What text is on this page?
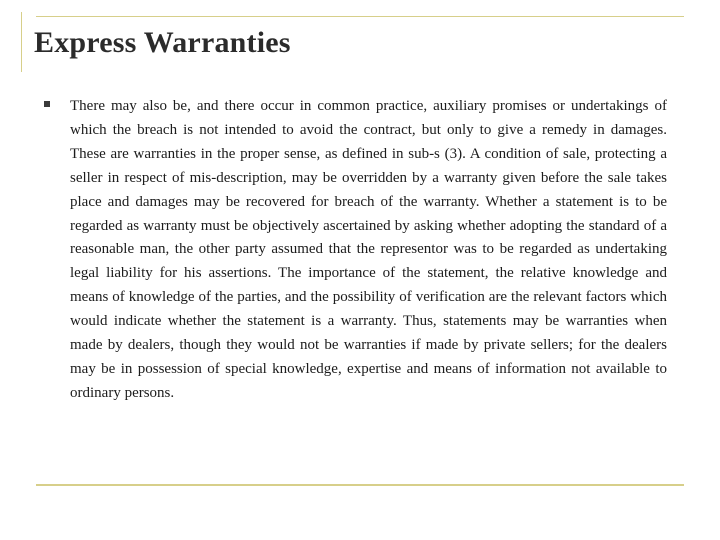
Express Warranties

There may also be, and there occur in common practice, auxiliary promises or undertakings of which the breach is not intended to avoid the contract, but only to give a remedy in damages. These are warranties in the proper sense, as defined in sub-s (3). A condition of sale, protecting a seller in respect of mis-description, may be overridden by a warranty given before the sale takes place and damages may be recovered for breach of the warranty. Whether a statement is to be regarded as warranty must be objectively ascertained by asking whether adopting the standard of a reasonable man, the other party assumed that the representor was to be regarded as undertaking legal liability for his assertions. The importance of the statement, the relative knowledge and means of knowledge of the parties, and the possibility of verification are the relevant factors which would indicate whether the statement is a warranty. Thus, statements may be warranties when made by dealers, though they would not be warranties if made by private sellers; for the dealers may be in possession of special knowledge, expertise and means of information not available to ordinary persons.
